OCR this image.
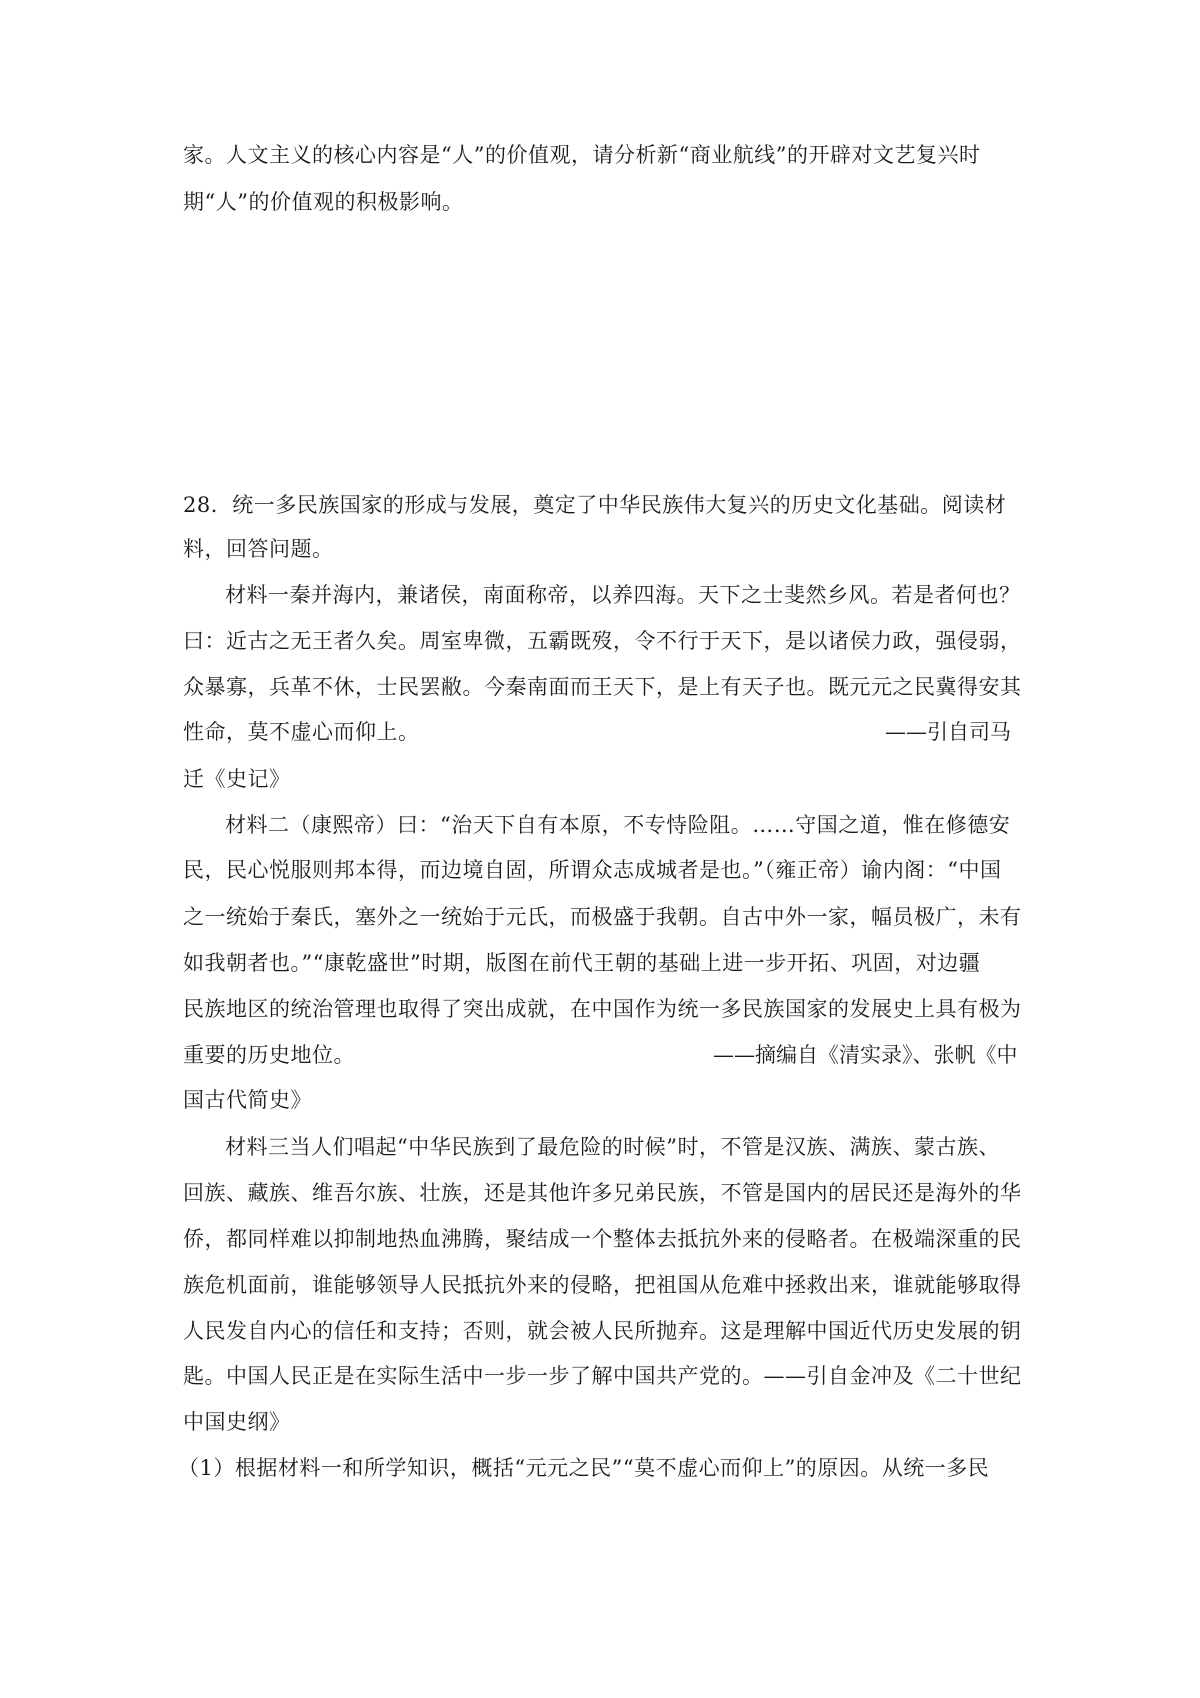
家。人文主义的核心内容是“人”的价值观，请分析新“商业航线”的开辟对文艺复兴时
期“人”的价值观的积极影响。
28．统一多民族国家的形成与发展，奠定了中华民族伟大复兴的历史文化基础。阅读材
料，回答问题。
材料一秦并海内，兼诸侯，南面称帝，以养四海。天下之士斐然乡风。若是者何也？
曰：近古之无王者久矣。周室卑微，五霸既歿，令不行于天下，是以诸侯力政，强侵弱，
众暴寡，兵革不休，士民罢敝。今秦南面而王天下，是上有天子也。既元元之民冀得安其
性命，莫不虚心而仰上。	——引自司马
迁《史记》
材料二（康熙帝）曰：“治天下自有本原，不专恃险阻。……守国之道，惟在修德安
民，民心悦服则邦本得，而边境自固，所谓众志成城者是也。”（雍正帝）谕内阁：“中国
之一统始于秦氏，塞外之一统始于元氏，而极盛于我朝。自古中外一家，幅员极广，未有
如我朝者也。”“康乾盛世”时期，版图在前代王朝的基础上进一步开拓、巩固，对边疆
民族地区的统治管理也取得了突出成就，在中国作为统一多民族国家的发展史上具有极为
重要的历史地位。	——摘编自《清实录》、张帆《中
国古代简史》
材料三当人们唱起“中华民族到了最危险的时候”时，不管是汉族、满族、蒙古族、
回族、藏族、维吾尔族、壮族，还是其他许多兄弟民族，不管是国内的居民还是海外的华
侨，都同样难以抑制地热血沸腾，聚结成一个整体去抵抗外来的侵略者。在极端深重的民
族危机面前，谁能够领导人民抵抗外来的侵略，把祖国从危难中拯救出来，谁就能够取得
人民发自内心的信任和支持；否则，就会被人民所抛弃。这是理解中国近代历史发展的钥
匙。中国人民正是在实际生活中一步一步了解中国共产党的。——引自金冲及《二十世纪
中国史纲》
（1）根据材料一和所学知识，概括“元元之民”“莫不虚心而仰上”的原因。从统一多民
